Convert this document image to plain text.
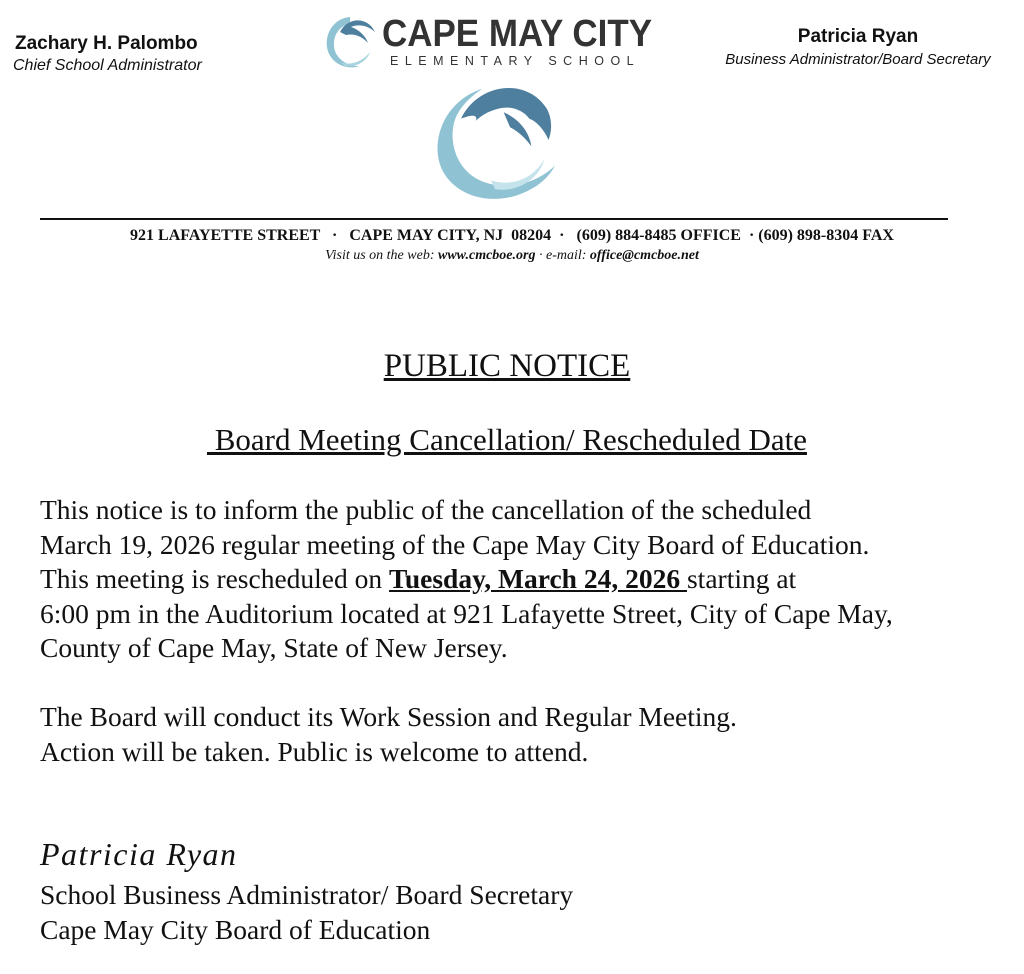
Zachary H. Palombo
Chief School Administrator
Patricia Ryan
Business Administrator/Board Secretary
CAPE MAY CITY
ELEMENTARY SCHOOL
921 LAFAYETTE STREET   ·   CAPE MAY CITY, NJ  08204  ·   (609) 884-8485 OFFICE  · (609) 898-8304 FAX
Visit us on the web: www.cmcboe.org · e-mail: office@cmcboe.net
PUBLIC NOTICE
Board Meeting Cancellation/ Rescheduled Date
This notice is to inform the public of the cancellation of the scheduled
March 19, 2026 regular meeting of the Cape May City Board of Education.
This meeting is rescheduled on Tuesday, March 24, 2026 starting at
6:00 pm in the Auditorium located at 921 Lafayette Street, City of Cape May,
County of Cape May, State of New Jersey.
The Board will conduct its Work Session and Regular Meeting.
Action will be taken. Public is welcome to attend.
Patricia Ryan
School Business Administrator/ Board Secretary
Cape May City Board of Education
